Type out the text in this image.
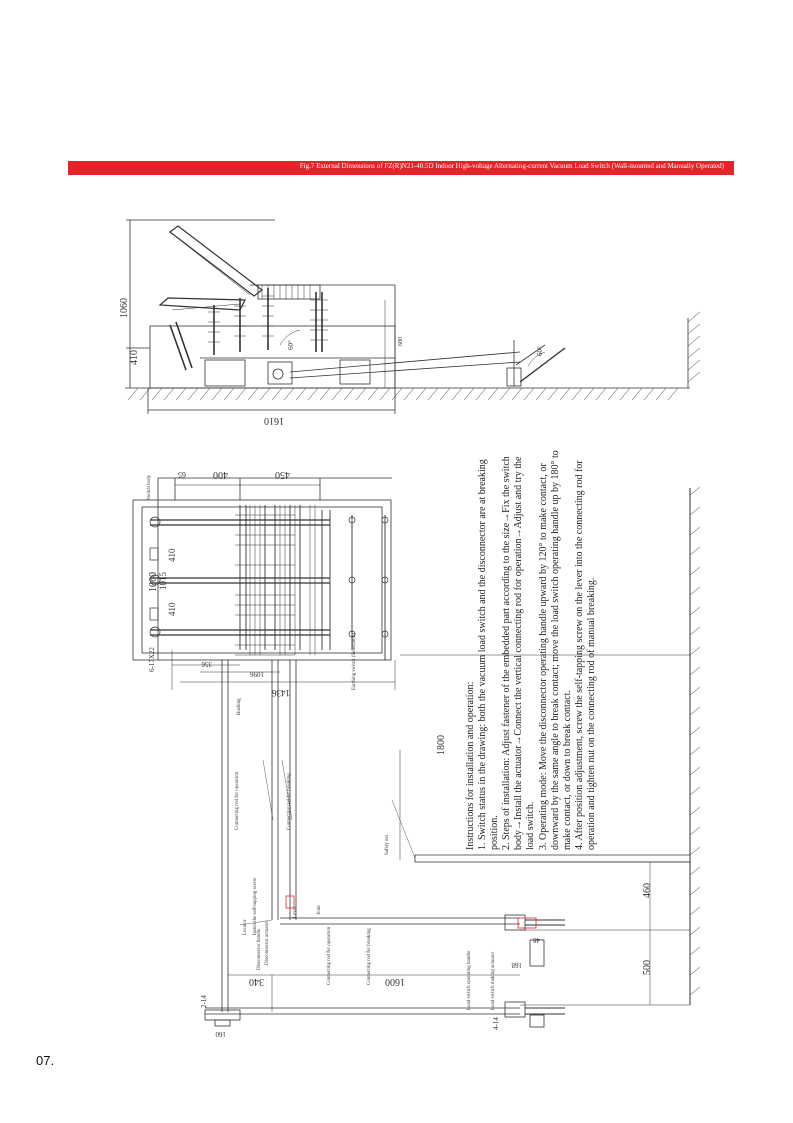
Fig.7 External Dimensions of FZ(R)N21-40.5D Indoor High-voltage Alternating-current Vacuum Load Switch (Wall-mounted and Manually Operated)
1060
410
1610
680
60°
60°
400	450
65
1060 1015
410
410
6-17X22	356
1096
1436
1800
340	1600
460
500
168
160
2-14
4-14
48
Switch body
Connecting rod for operation	Connecting rod for breaking
Safety net
Earthing switch (Selectable)
Lever	Joint
Locator fasten the self-tapping screw
Disconnector handle Disconnector actuator
Load switch operating handle	Load switch making actuator
Connecting rod for operation	Connecting rod for breaking
Bushing	Instructions for installation and operation: 1. Switch status in the drawing: both the vacuum load switch and the disconnector are at breaking position. 2. Steps of installation: Adjust fastener of the embedded part according to the size→Fix the switch body→Install the actuator→Connect the vertical connecting rod for operation→Adjust and try the load switch. 3. Operating mode: Move the disconnector operating handle upward by 120° to make contact, or downward by the same angle to break contact; move the load switch operating handle up by 180° to make contact, or down to break contact. 4. After position adjustment, screw the self-tapping screw on the lever into the connecting rod for operation and tighten nut on the connecting rod of manual breaking.

07.
